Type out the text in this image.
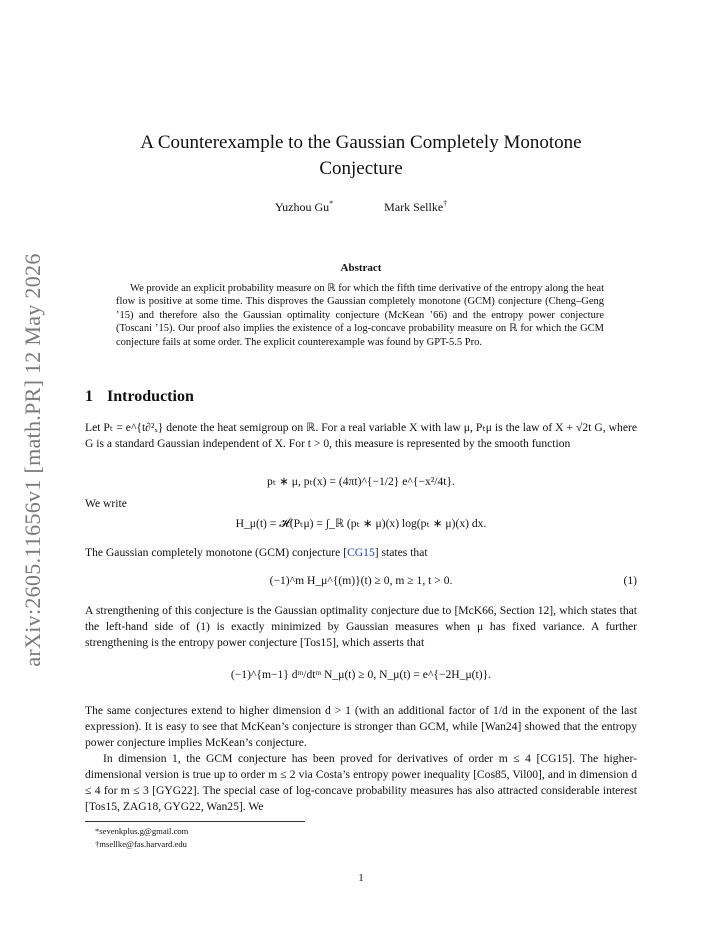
arXiv:2605.11656v1 [math.PR] 12 May 2026
A Counterexample to the Gaussian Completely Monotone
Conjecture
Yuzhou Gu*	Mark Sellke†
Abstract
We provide an explicit probability measure on ℝ for which the fifth time derivative of the entropy along the heat flow is positive at some time. This disproves the Gaussian completely monotone (GCM) conjecture (Cheng–Geng ’15) and therefore also the Gaussian optimality conjecture (McKean ’66) and the entropy power conjecture (Toscani ’15). Our proof also implies the existence of a log-concave probability measure on ℝ for which the GCM conjecture fails at some order. The explicit counterexample was found by GPT-5.5 Pro.
1 Introduction
Let Pₜ = e^{t∂²ₓ} denote the heat semigroup on ℝ. For a real variable X with law μ, Pₜμ is the law of X + √2t G, where G is a standard Gaussian independent of X. For t > 0, this measure is represented by the smooth function
pₜ ∗ μ, pₜ(x) = (4πt)^{−1/2} e^{−x²/4t}.
We write
H_μ(t) = 𝓗(Pₜμ) = ∫_ℝ (pₜ ∗ μ)(x) log(pₜ ∗ μ)(x) dx.
The Gaussian completely monotone (GCM) conjecture [CG15] states that
(−1)^m H_μ^{(m)}(t) ≥ 0, m ≥ 1, t > 0.	(1)
A strengthening of this conjecture is the Gaussian optimality conjecture due to [McK66, Section 12], which states that the left-hand side of (1) is exactly minimized by Gaussian measures when μ has fixed variance. A further strengthening is the entropy power conjecture [Tos15], which asserts that
(−1)^{m−1} dᵐ/dtᵐ N_μ(t) ≥ 0, N_μ(t) = e^{−2H_μ(t)}.
The same conjectures extend to higher dimension d > 1 (with an additional factor of 1/d in the exponent of the last expression). It is easy to see that McKean’s conjecture is stronger than GCM, while [Wan24] showed that the entropy power conjecture implies McKean’s conjecture.
In dimension 1, the GCM conjecture has been proved for derivatives of order m ≤ 4 [CG15]. The higher-dimensional version is true up to order m ≤ 2 via Costa’s entropy power inequality [Cos85, Vil00], and in dimension d ≤ 4 for m ≤ 3 [GYG22]. The special case of log-concave probability measures has also attracted considerable interest [Tos15, ZAG18, GYG22, Wan25]. We
*sevenkplus.g@gmail.com
†msellke@fas.harvard.edu
1
